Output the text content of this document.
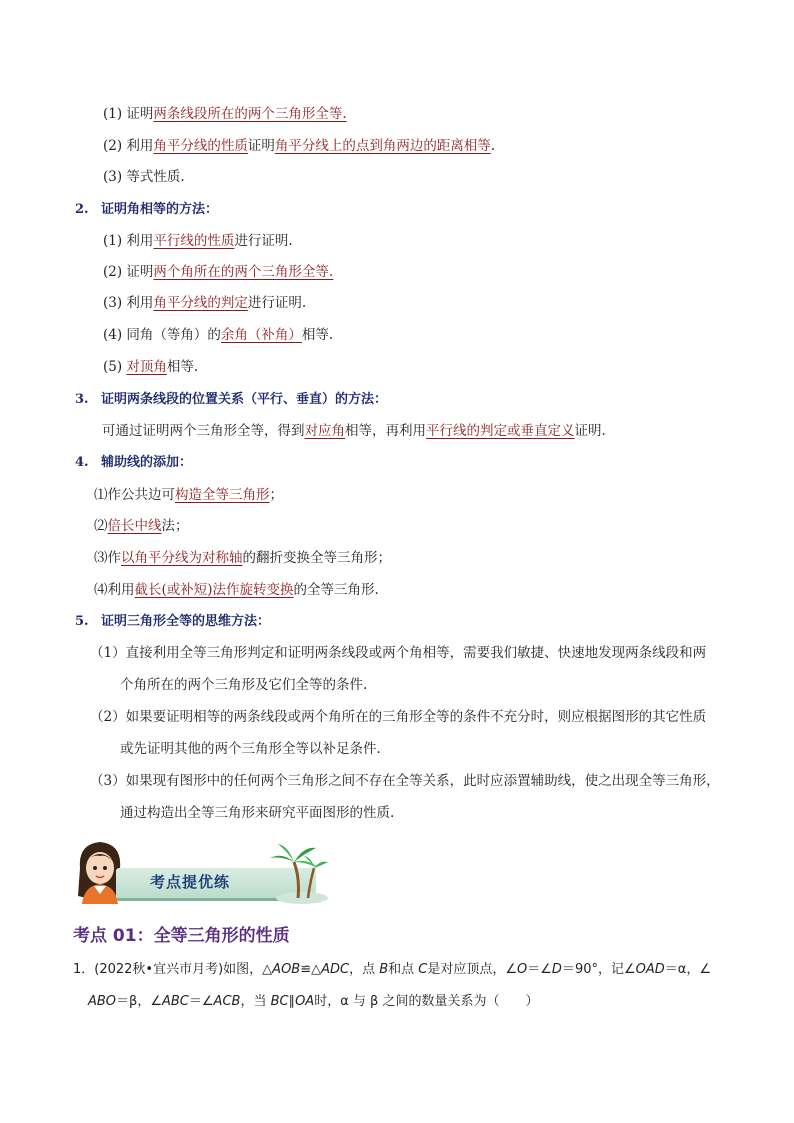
(1) 证明两条线段所在的两个三角形全等.
(2) 利用角平分线的性质证明角平分线上的点到角两边的距离相等.
(3) 等式性质.
(1) 利用平行线的性质进行证明.
(2) 证明两个角所在的两个三角形全等.
(3) 利用角平分线的判定进行证明.
(4) 同角（等角）的余角（补角）相等.
(5) 对顶角相等.
可通过证明两个三角形全等，得到对应角相等，再利用平行线的判定或垂直定义证明.
⑴作公共边可构造全等三角形；
⑵倍长中线法；
⑶作以角平分线为对称轴的翻折变换全等三角形；
⑷利用截长(或补短)法作旋转变换的全等三角形.
（1）直接利用全等三角形判定和证明两条线段或两个角相等，需要我们敏捷、快速地发现两条线段和两
个角所在的两个三角形及它们全等的条件.
（2）如果要证明相等的两条线段或两个角所在的三角形全等的条件不充分时，则应根据图形的其它性质
或先证明其他的两个三角形全等以补足条件.
（3）如果现有图形中的任何两个三角形之间不存在全等关系，此时应添置辅助线，使之出现全等三角形，
通过构造出全等三角形来研究平面图形的性质.
2. 证明角相等的方法：
3. 证明两条线段的位置关系（平行、垂直）的方法：
4. 辅助线的添加：
5. 证明三角形全等的思维方法：
考点提优练
考点 01：全等三角形的性质
1．(2022秋•宜兴市月考)如图，△AOB≌△ADC，点 B和点 C是对应顶点，∠O＝∠D＝90°，记∠OAD＝α，∠
ABO＝β，∠ABC＝∠ACB，当 BC∥OA时，α 与 β 之间的数量关系为（　　）
